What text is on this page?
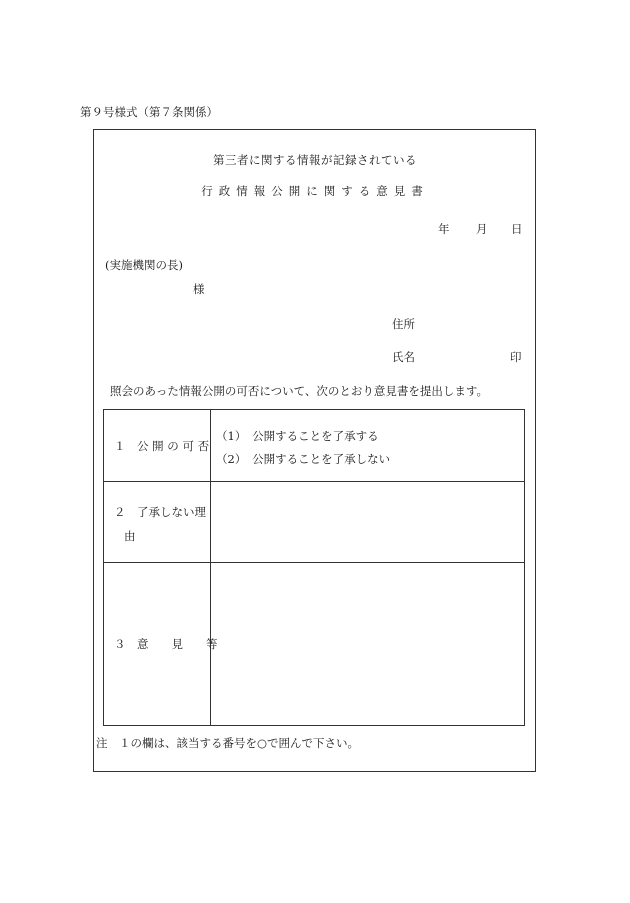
第９号様式（第７条関係）
第三者に関する情報が記録されている
行政情報公開に関する意見書
年 月 日
(実施機関の長)
様
住所
氏名	印
照会のあった情報公開の可否について、次のとおり意見書を提出します。
１　公 開 の 可 否
（1）　公開することを了承する
（2）　公開することを了承しない
２　了承しない理
由
３　意　　見　　等
注　１の欄は、該当する番号を○で囲んで下さい。
